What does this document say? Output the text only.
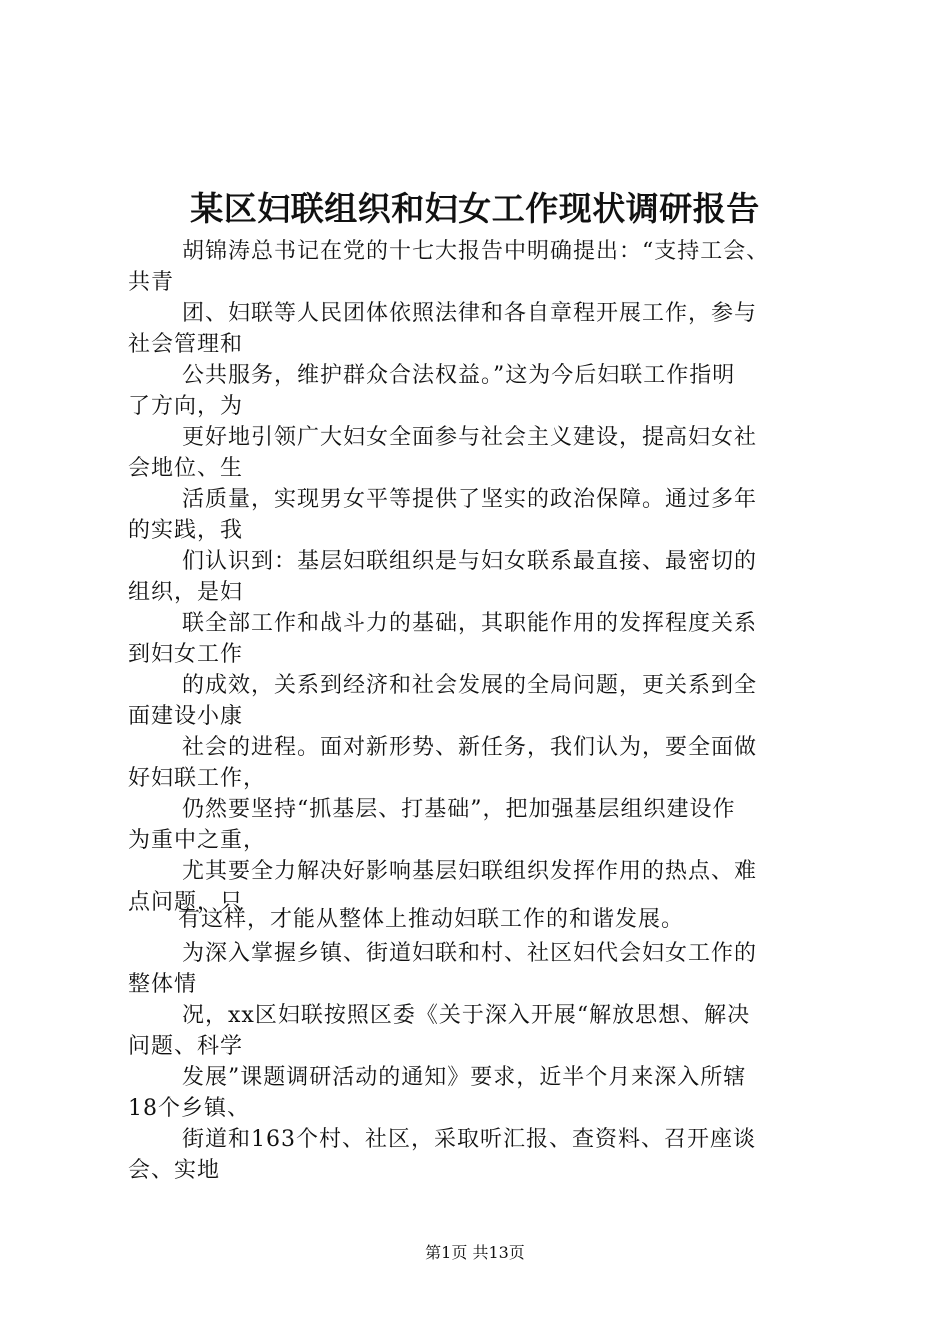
某区妇联组织和妇女工作现状调研报告
胡锦涛总书记在党的十七大报告中明确提出：“支持工会、
共青
团、妇联等人民团体依照法律和各自章程开展工作，参与
社会管理和
公共服务，维护群众合法权益。”这为今后妇联工作指明
了方向，为
更好地引领广大妇女全面参与社会主义建设，提高妇女社
会地位、生
活质量，实现男女平等提供了坚实的政治保障。通过多年
的实践，我
们认识到：基层妇联组织是与妇女联系最直接、最密切的
组织，是妇
联全部工作和战斗力的基础，其职能作用的发挥程度关系
到妇女工作
的成效，关系到经济和社会发展的全局问题，更关系到全
面建设小康
社会的进程。面对新形势、新任务，我们认为，要全面做
好妇联工作，
仍然要坚持“抓基层、打基础”，把加强基层组织建设作
为重中之重，
尤其要全力解决好影响基层妇联组织发挥作用的热点、难
点问题，只
有这样，才能从整体上推动妇联工作的和谐发展。
为深入掌握乡镇、街道妇联和村、社区妇代会妇女工作的
整体情
况，xx区妇联按照区委《关于深入开展“解放思想、解决
问题、科学
发展”课题调研活动的通知》要求，近半个月来深入所辖
18个乡镇、
街道和163个村、社区，采取听汇报、查资料、召开座谈
会、实地
第1页 共13页
